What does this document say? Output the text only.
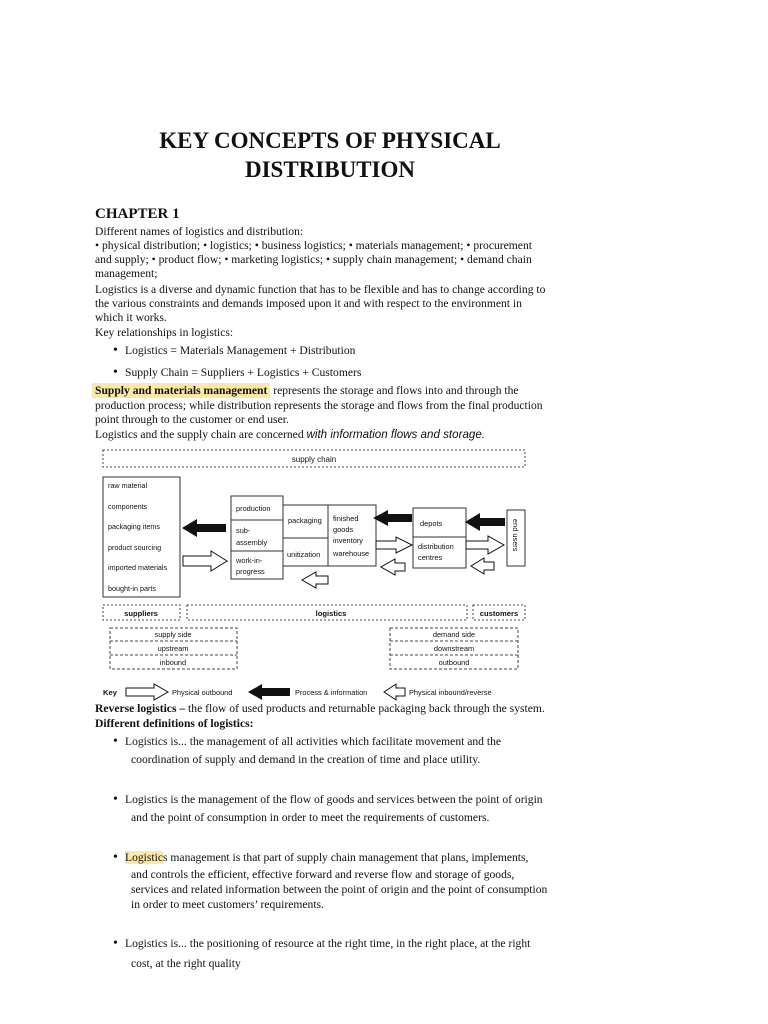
KEY CONCEPTS OF PHYSICAL
DISTRIBUTION
CHAPTER 1
Different names of logistics and distribution:
• physical distribution; • logistics; • business logistics; • materials management; • procurement
and supply; • product flow; • marketing logistics; • supply chain management; • demand chain
management;
Logistics is a diverse and dynamic function that has to be flexible and has to change according to
the various constraints and demands imposed upon it and with respect to the environment in
which it works.
Key relationships in logistics:
• Logistics = Materials Management + Distribution
• Supply Chain = Suppliers + Logistics + Customers
Supply and materials management represents the storage and flows into and through the
production process; while distribution represents the storage and flows from the final production
point through to the customer or end user.
Logistics and the supply chain are concerned with information flows and storage.
supply chain
raw material
components
packaging items
product sourcing
imported materials
bought-in parts
production
sub-
assembly
work-in-
progress
packaging
unitization
finished
goods
inventory
warehouse
depots
distribution
centres
end users
suppliers	logistics	customers
supply side
upstream
inbound
demand side
downstream
outbound
Key	Physical outbound	Process & information	Physical inbound/reverse
Reverse logistics – the flow of used products and returnable packaging back through the system.
Different definitions of logistics:
• Logistics is... the management of all activities which facilitate movement and the
coordination of supply and demand in the creation of time and place utility.
• Logistics is the management of the flow of goods and services between the point of origin
and the point of consumption in order to meet the requirements of customers.
• Logistics management is that part of supply chain management that plans, implements,
and controls the efficient, effective forward and reverse flow and storage of goods,
services and related information between the point of origin and the point of consumption
in order to meet customers’ requirements.
• Logistics is... the positioning of resource at the right time, in the right place, at the right
cost, at the right quality
